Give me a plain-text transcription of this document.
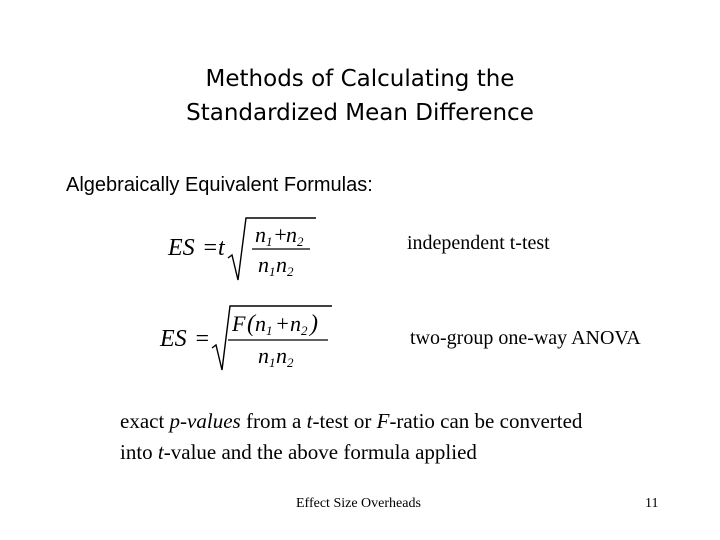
Methods of Calculating the
Standardized Mean Difference
Algebraically Equivalent Formulas:
ES = t
n 1 +
n 2
n 1 n 2
independent t-test
ES =
F ( n 1 + n 2 )
n 1 n 2
two-group one-way ANOVA
exact p-values from a t-test or F-ratio can be converted
into t-value and the above formula applied
Effect Size Overheads	11
